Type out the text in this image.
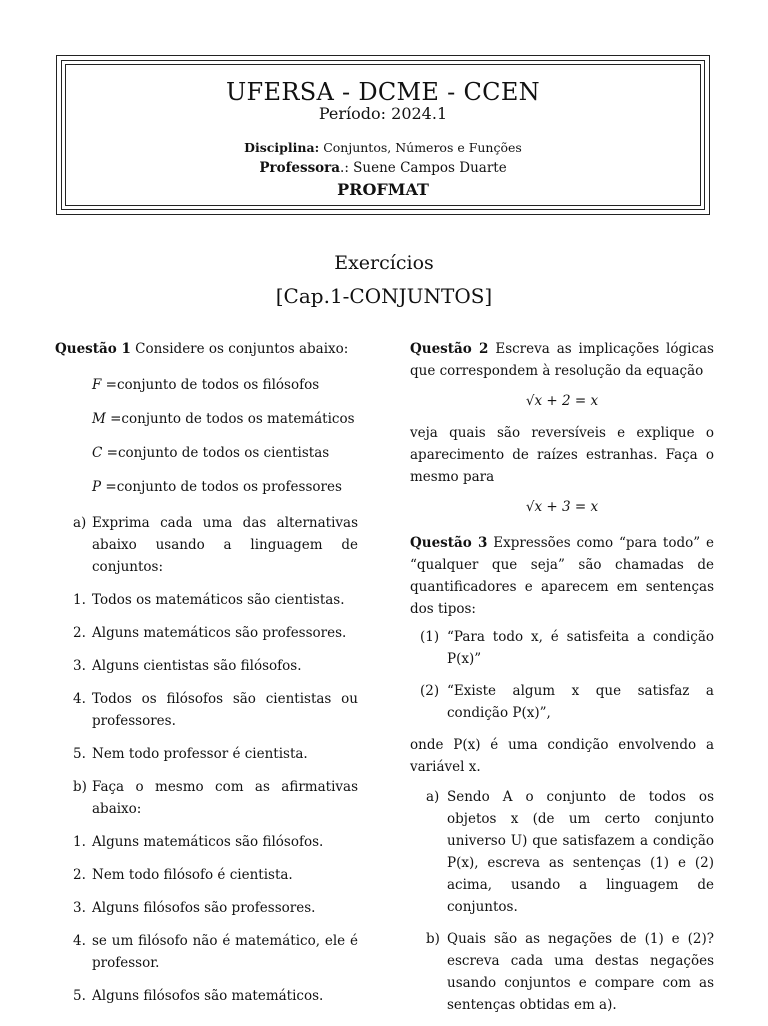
UFERSA - DCME - CCEN
Período: 2024.1
Disciplina: Conjuntos, Números e Funções
Professora.: Suene Campos Duarte
PROFMAT
Exercícios
[Cap.1-CONJUNTOS]

Questão 1 Considere os conjuntos abaixo:

F =conjunto de todos os filósofos
M =conjunto de todos os matemáticos
C =conjunto de todos os cientistas
P =conjunto de todos os professores
a) Exprima cada uma das alternativas abaixo usando a linguagem de conjuntos:
1. Todos os matemáticos são cientistas.
2. Alguns matemáticos são professores.
3. Alguns cientistas são filósofos.
4. Todos os filósofos são cientistas ou professores.
5. Nem todo professor é cientista.
b) Faça o mesmo com as afirmativas abaixo:
1. Alguns matemáticos são filósofos.
2. Nem todo filósofo é cientista.
3. Alguns filósofos são professores.
4. se um filósofo não é matemático, ele é professor.
5. Alguns filósofos são matemáticos.

Questão 2 Escreva as implicações lógicas que correspondem à resolução da equação

√x + 2 = x

veja quais são reversíveis e explique o aparecimento de raízes estranhas. Faça o mesmo para

√x + 3 = x

Questão 3 Expressões como “para todo” e “qualquer que seja” são chamadas de quantificadores e aparecem em sentenças dos tipos:

(1) “Para todo x, é satisfeita a condição P(x)”
(2) “Existe algum x que satisfaz a condição P(x)”,

onde P(x) é uma condição envolvendo a variável x.

a) Sendo A o conjunto de todos os objetos x (de um certo conjunto universo U) que satisfazem a condição P(x), escreva as sentenças (1) e (2) acima, usando a linguagem de conjuntos.
b) Quais são as negações de (1) e (2)? escreva cada uma destas negações usando conjuntos e compare com as sentenças obtidas em a).
